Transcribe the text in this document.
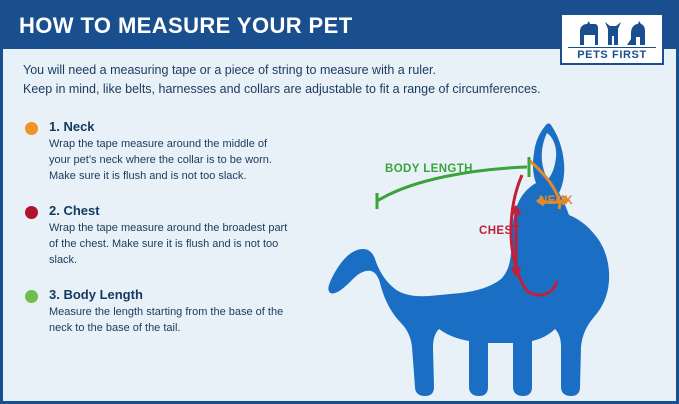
HOW TO MEASURE YOUR PET
PETS FIRST
You will need a measuring tape or a piece of string to measure with a ruler.
Keep in mind, like belts, harnesses and collars are adjustable to fit a range of circumferences.
1. Neck
Wrap the tape measure around the middle of your pet’s neck where the collar is to be worn. Make sure it is flush and is not too slack.
2. Chest
Wrap the tape measure around the broadest part of the chest. Make sure it is flush and is not too slack.
3. Body Length
Measure the length starting from the base of the neck to the base of the tail.
BODY LENGTH
NECK
CHEST
